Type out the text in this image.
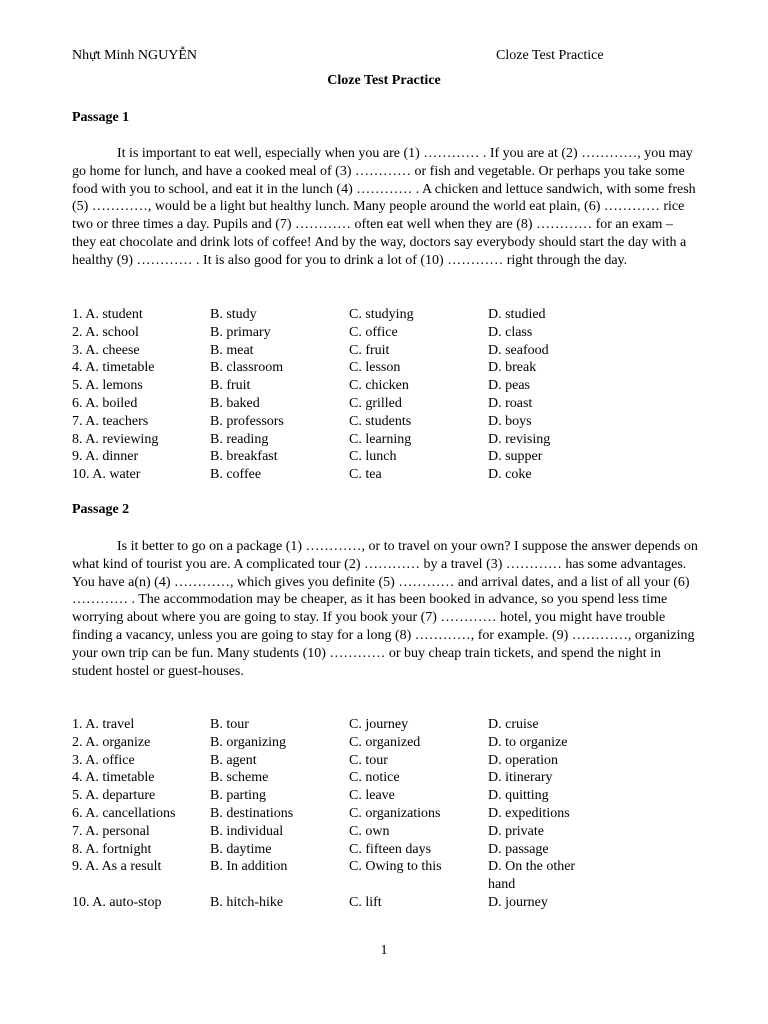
Nhựt Minh NGUYỄN	Cloze Test Practice
Cloze Test Practice
Passage 1

It is important to eat well, especially when you are (1) ………… . If you are at (2) …………, you may go home for lunch, and have a cooked meal of (3) ………… or fish and vegetable. Or perhaps you take some food with you to school, and eat it in the lunch (4) ………… . A chicken and lettuce sandwich, with some fresh (5) …………, would be a light but healthy lunch. Many people around the world eat plain, (6) ………… rice two or three times a day. Pupils and (7) ………… often eat well when they are (8) ………… for an exam – they eat chocolate and drink lots of coffee! And by the way, doctors say everybody should start the day with a healthy (9) ………… . It is also good for you to drink a lot of (10) ………… right through the day.

1. A. student	B. study	C. studying	D. studied
2. A. school	B. primary	C. office	D. class
3. A. cheese	B. meat	C. fruit	D. seafood
4. A. timetable	B. classroom	C. lesson	D. break
5. A. lemons	B. fruit	C. chicken	D. peas
6. A. boiled	B. baked	C. grilled	D. roast
7. A. teachers	B. professors	C. students	D. boys
8. A. reviewing	B. reading	C. learning	D. revising
9. A. dinner	B. breakfast	C. lunch	D. supper
10. A. water	B. coffee	C. tea	D. coke
Passage 2

Is it better to go on a package (1) …………, or to travel on your own? I suppose the answer depends on what kind of tourist you are. A complicated tour (2) ………… by a travel (3) ………… has some advantages. You have a(n) (4) …………, which gives you definite (5) ………… and arrival dates, and a list of all your (6) ………… . The accommodation may be cheaper, as it has been booked in advance, so you spend less time worrying about where you are going to stay. If you book your (7) ………… hotel, you might have trouble finding a vacancy, unless you are going to stay for a long (8) …………, for example. (9) …………, organizing your own trip can be fun. Many students (10) ………… or buy cheap train tickets, and spend the night in student hostel or guest-houses.

1. A. travel	B. tour	C. journey	D. cruise
2. A. organize	B. organizing	C. organized	D. to organize
3. A. office	B. agent	C. tour	D. operation
4. A. timetable	B. scheme	C. notice	D. itinerary
5. A. departure	B. parting	C. leave	D. quitting
6. A. cancellations B. destinations	C. organizations	D. expeditions
7. A. personal	B. individual	C. own	D. private
8. A. fortnight	B. daytime	C. fifteen days	D. passage
9. A. As a result	B. In addition	C. Owing to this	D. On the other
hand
10. A. auto-stop	B. hitch-hike	C. lift	D. journey
1
